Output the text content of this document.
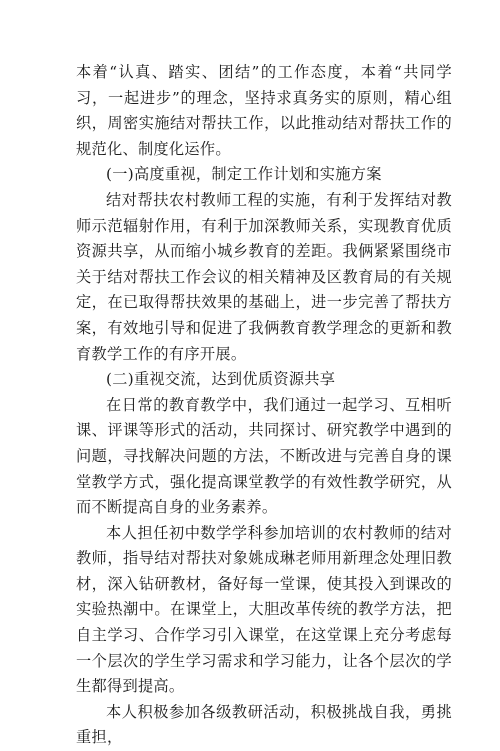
本着“认真、踏实、团结”的工作态度，本着“共同学习，一起进步”的理念，坚持求真务实的原则，精心组织，周密实施结对帮扶工作，以此推动结对帮扶工作的规范化、制度化运作。

(一)高度重视，制定工作计划和实施方案

结对帮扶农村教师工程的实施，有利于发挥结对教师示范辐射作用，有利于加深教师关系，实现教育优质资源共享，从而缩小城乡教育的差距。我俩紧紧围绕市关于结对帮扶工作会议的相关精神及区教育局的有关规定，在已取得帮扶效果的基础上，进一步完善了帮扶方案，有效地引导和促进了我俩教育教学理念的更新和教育教学工作的有序开展。

(二)重视交流，达到优质资源共享

在日常的教育教学中，我们通过一起学习、互相听课、评课等形式的活动，共同探讨、研究教学中遇到的问题，寻找解决问题的方法，不断改进与完善自身的课堂教学方式，强化提高课堂教学的有效性教学研究，从而不断提高自身的业务素养。

本人担任初中数学学科参加培训的农村教师的结对教师，指导结对帮扶对象姚成琳老师用新理念处理旧教材，深入钻研教材，备好每一堂课，使其投入到课改的实验热潮中。在课堂上，大胆改革传统的教学方法，把自主学习、合作学习引入课堂，在这堂课上充分考虑每一个层次的学生学习需求和学习能力，让各个层次的学生都得到提高。

本人积极参加各级教研活动，积极挑战自我，勇挑重担，
